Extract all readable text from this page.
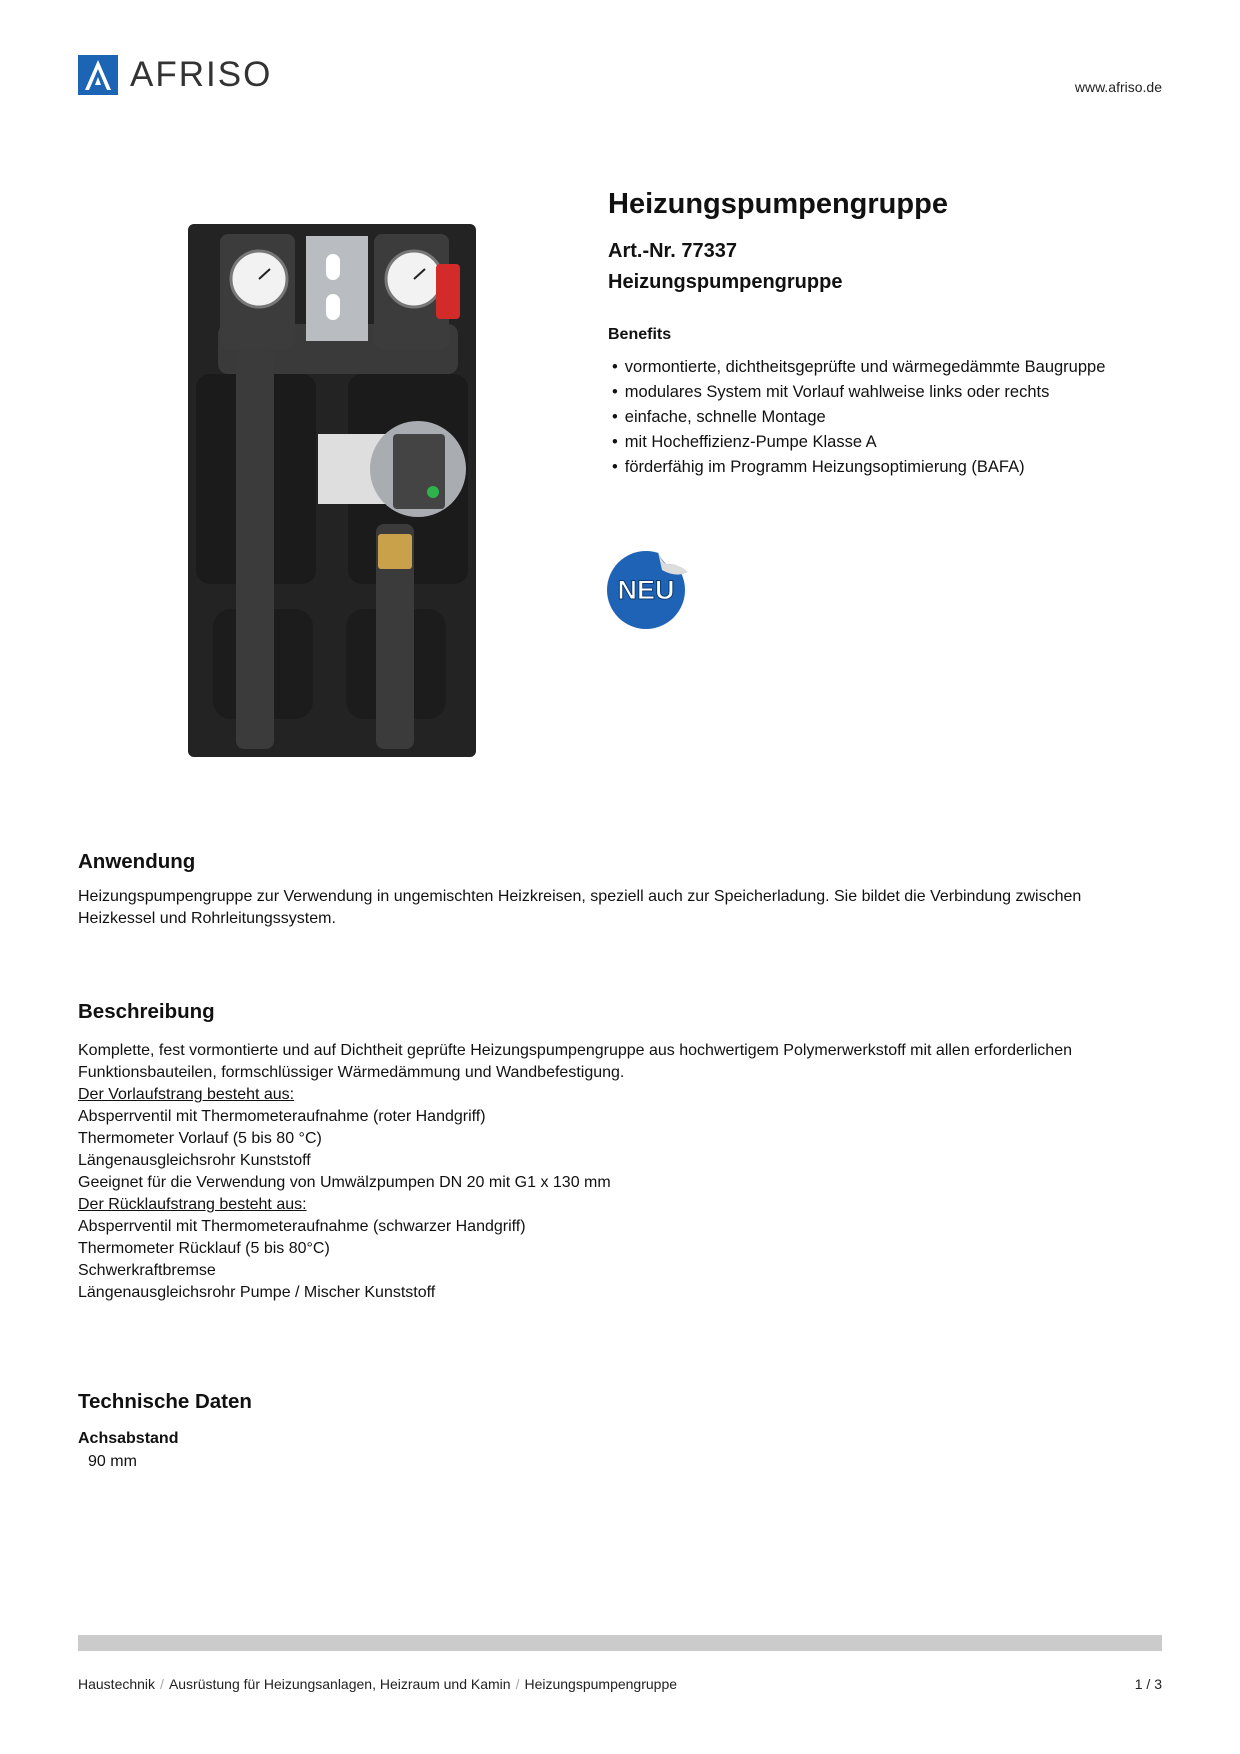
AFRISO	www.afriso.de
Heizungspumpengruppe
Art.-Nr. 77337
Heizungspumpengruppe
Benefits
• vormontierte, dichtheitsgeprüfte und wärmegedämmte Baugruppe
• modulares System mit Vorlauf wahlweise links oder rechts
• einfache, schnelle Montage
• mit Hocheffizienz-Pumpe Klasse A
• förderfähig im Programm Heizungsoptimierung (BAFA)
NEU
Anwendung
Heizungspumpengruppe zur Verwendung in ungemischten Heizkreisen, speziell auch zur Speicherladung. Sie bildet die Verbindung zwischen
Heizkessel und Rohrleitungssystem.
Beschreibung
Komplette, fest vormontierte und auf Dichtheit geprüfte Heizungspumpengruppe aus hochwertigem Polymerwerkstoff mit allen erforderlichen
Funktionsbauteilen, formschlüssiger Wärmedämmung und Wandbefestigung.
Der Vorlaufstrang besteht aus:
Absperrventil mit Thermometeraufnahme (roter Handgriff)
Thermometer Vorlauf (5 bis 80 °C)
Längenausgleichsrohr Kunststoff
Geeignet für die Verwendung von Umwälzpumpen DN 20 mit G1 x 130 mm
Der Rücklaufstrang besteht aus:
Absperrventil mit Thermometeraufnahme (schwarzer Handgriff)
Thermometer Rücklauf (5 bis 80°C)
Schwerkraftbremse
Längenausgleichsrohr Pumpe / Mischer Kunststoff
Technische Daten
Achsabstand
90 mm
Haustechnik / Ausrüstung für Heizungsanlagen, Heizraum und Kamin / Heizungspumpengruppe	1 / 3
